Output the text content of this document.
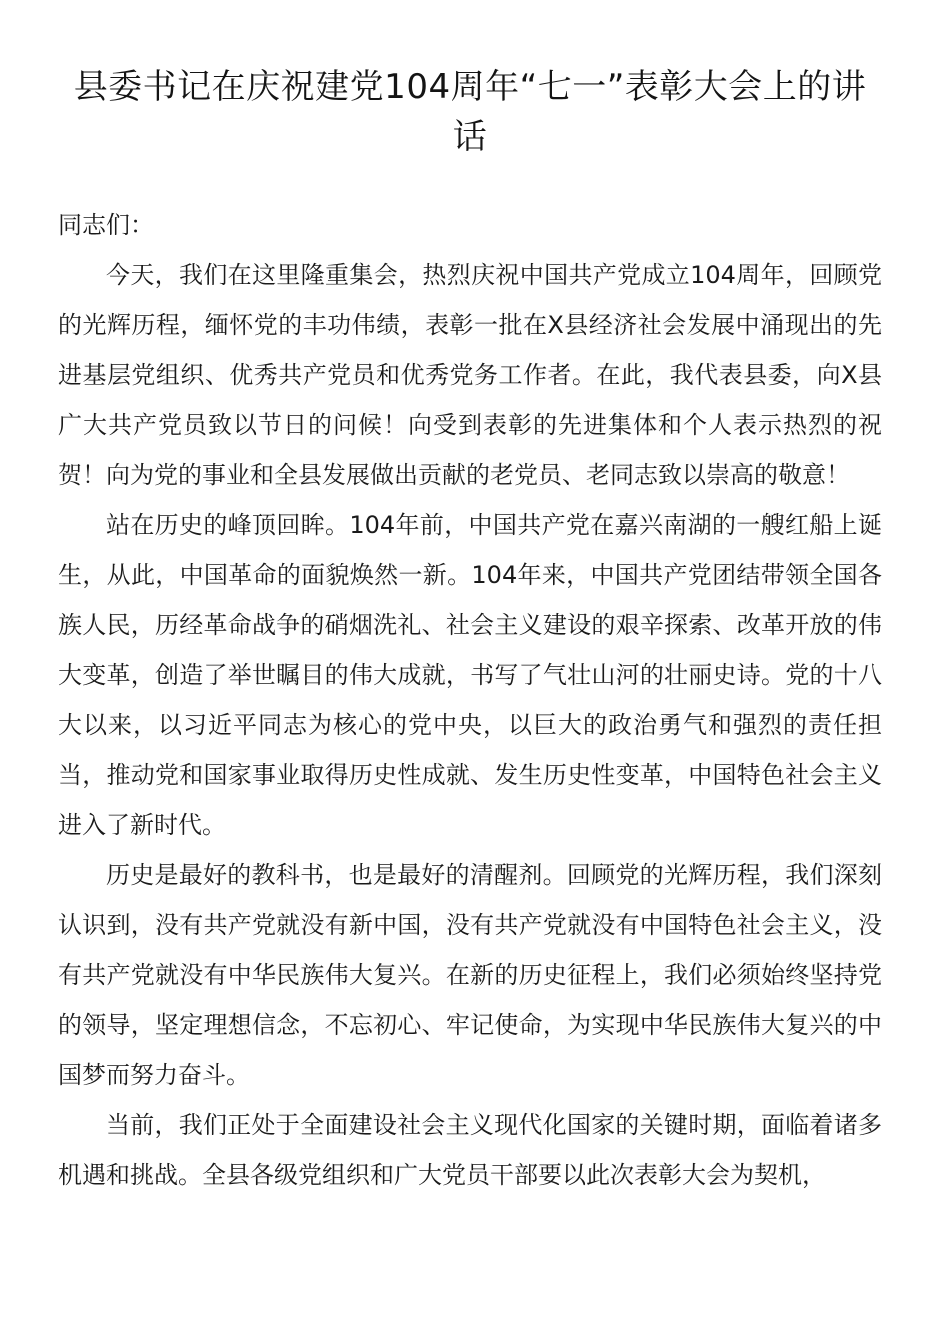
县委书记在庆祝建党104周年“七一”表彰大会上的讲话

同志们：

今天，我们在这里隆重集会，热烈庆祝中国共产党成立104周年，回顾党的光辉历程，缅怀党的丰功伟绩，表彰一批在X县经济社会发展中涌现出的先进基层党组织、优秀共产党员和优秀党务工作者。在此，我代表县委，向X县广大共产党员致以节日的问候！向受到表彰的先进集体和个人表示热烈的祝贺！向为党的事业和全县发展做出贡献的老党员、老同志致以崇高的敬意！

站在历史的峰顶回眸。104年前，中国共产党在嘉兴南湖的一艘红船上诞生，从此，中国革命的面貌焕然一新。104年来，中国共产党团结带领全国各族人民，历经革命战争的硝烟洗礼、社会主义建设的艰辛探索、改革开放的伟大变革，创造了举世瞩目的伟大成就，书写了气壮山河的壮丽史诗。党的十八大以来，以习近平同志为核心的党中央，以巨大的政治勇气和强烈的责任担当，推动党和国家事业取得历史性成就、发生历史性变革，中国特色社会主义进入了新时代。

历史是最好的教科书，也是最好的清醒剂。回顾党的光辉历程，我们深刻认识到，没有共产党就没有新中国，没有共产党就没有中国特色社会主义，没有共产党就没有中华民族伟大复兴。在新的历史征程上，我们必须始终坚持党的领导，坚定理想信念，不忘初心、牢记使命，为实现中华民族伟大复兴的中国梦而努力奋斗。

当前，我们正处于全面建设社会主义现代化国家的关键时期，面临着诸多机遇和挑战。全县各级党组织和广大党员干部要以此次表彰大会为契机，
